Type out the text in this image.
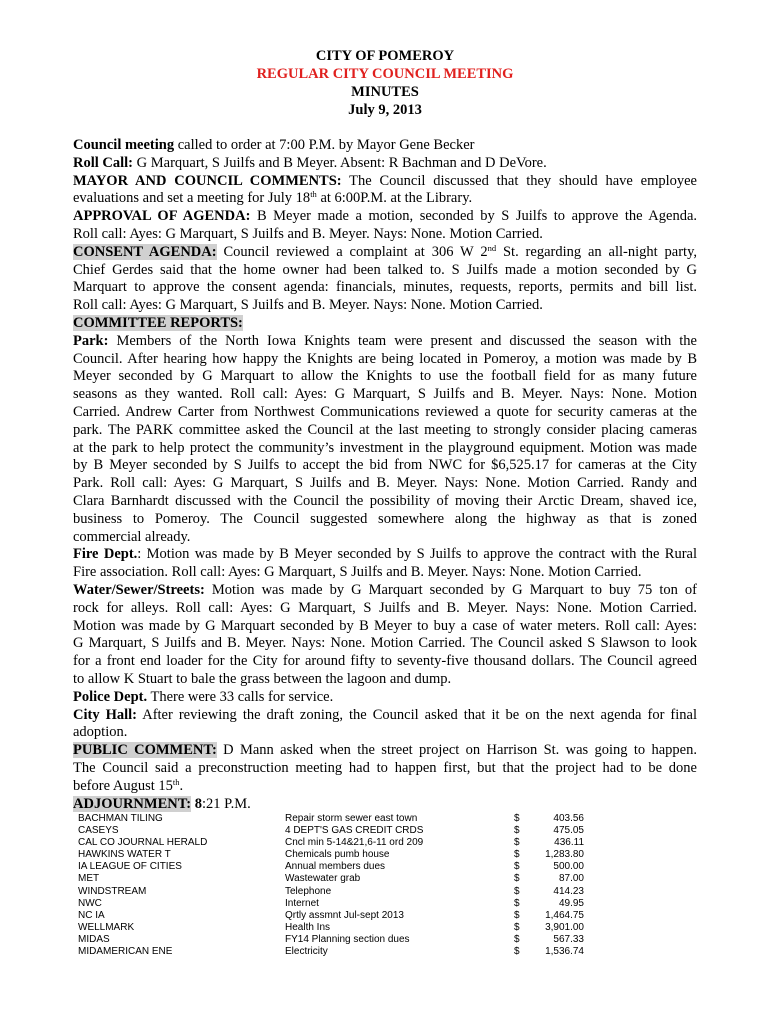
CITY OF POMEROY
REGULAR CITY COUNCIL MEETING
MINUTES
July 9, 2013
Council meeting called to order at 7:00 P.M. by Mayor Gene Becker
Roll Call: G Marquart, S Juilfs and B Meyer. Absent: R Bachman and D DeVore.
MAYOR AND COUNCIL COMMENTS: The Council discussed that they should have employee
evaluations and set a meeting for July 18th at 6:00P.M. at the Library.
APPROVAL OF AGENDA: B Meyer made a motion, seconded by S Juilfs to approve the Agenda.
Roll call: Ayes: G Marquart, S Juilfs and B. Meyer. Nays: None. Motion Carried.
CONSENT AGENDA: Council reviewed a complaint at 306 W 2nd St. regarding an all-night party,
Chief Gerdes said that the home owner had been talked to. S Juilfs made a motion seconded by G
Marquart to approve the consent agenda: financials, minutes, requests, reports, permits and bill list.
Roll call: Ayes: G Marquart, S Juilfs and B. Meyer. Nays: None. Motion Carried.
COMMITTEE REPORTS:
Park: Members of the North Iowa Knights team were present and discussed the season with the
Council. After hearing how happy the Knights are being located in Pomeroy, a motion was made by B
Meyer seconded by G Marquart to allow the Knights to use the football field for as many future
seasons as they wanted. Roll call: Ayes: G Marquart, S Juilfs and B. Meyer. Nays: None. Motion
Carried. Andrew Carter from Northwest Communications reviewed a quote for security cameras at the
park. The PARK committee asked the Council at the last meeting to strongly consider placing cameras
at the park to help protect the community’s investment in the playground equipment. Motion was made
by B Meyer seconded by S Juilfs to accept the bid from NWC for $6,525.17 for cameras at the City
Park. Roll call: Ayes: G Marquart, S Juilfs and B. Meyer. Nays: None. Motion Carried. Randy and
Clara Barnhardt discussed with the Council the possibility of moving their Arctic Dream, shaved ice,
business to Pomeroy. The Council suggested somewhere along the highway as that is zoned
commercial already.
Fire Dept.: Motion was made by B Meyer seconded by S Juilfs to approve the contract with the Rural
Fire association. Roll call: Ayes: G Marquart, S Juilfs and B. Meyer. Nays: None. Motion Carried.
Water/Sewer/Streets: Motion was made by G Marquart seconded by G Marquart to buy 75 ton of
rock for alleys. Roll call: Ayes: G Marquart, S Juilfs and B. Meyer. Nays: None. Motion Carried.
Motion was made by G Marquart seconded by B Meyer to buy a case of water meters. Roll call: Ayes:
G Marquart, S Juilfs and B. Meyer. Nays: None. Motion Carried. The Council asked S Slawson to look
for a front end loader for the City for around fifty to seventy-five thousand dollars. The Council agreed
to allow K Stuart to bale the grass between the lagoon and dump.
Police Dept. There were 33 calls for service.
City Hall: After reviewing the draft zoning, the Council asked that it be on the next agenda for final
adoption.
PUBLIC COMMENT: D Mann asked when the street project on Harrison St. was going to happen.
The Council said a preconstruction meeting had to happen first, but that the project had to be done
before August 15th.
ADJOURNMENT: 8:21 P.M.
BACHMAN TILING	Repair storm sewer east town	$	403.56
CASEYS	4 DEPT'S GAS CREDIT CRDS	$	475.05
CAL CO JOURNAL HERALD	Cncl min 5-14&21,6-11 ord 209	$	436.11
HAWKINS WATER T	Chemicals pumb house	$	1,283.80
IA LEAGUE OF CITIES	Annual members dues	$	500.00
MET	Wastewater grab	$	87.00
WINDSTREAM	Telephone	$	414.23
NWC	Internet	$	49.95
NC IA	Qrtly assmnt Jul-sept 2013	$	1,464.75
WELLMARK	Health Ins	$	3,901.00
MIDAS	FY14 Planning section dues	$	567.33
MIDAMERICAN ENE	Electricity	$	1,536.74
